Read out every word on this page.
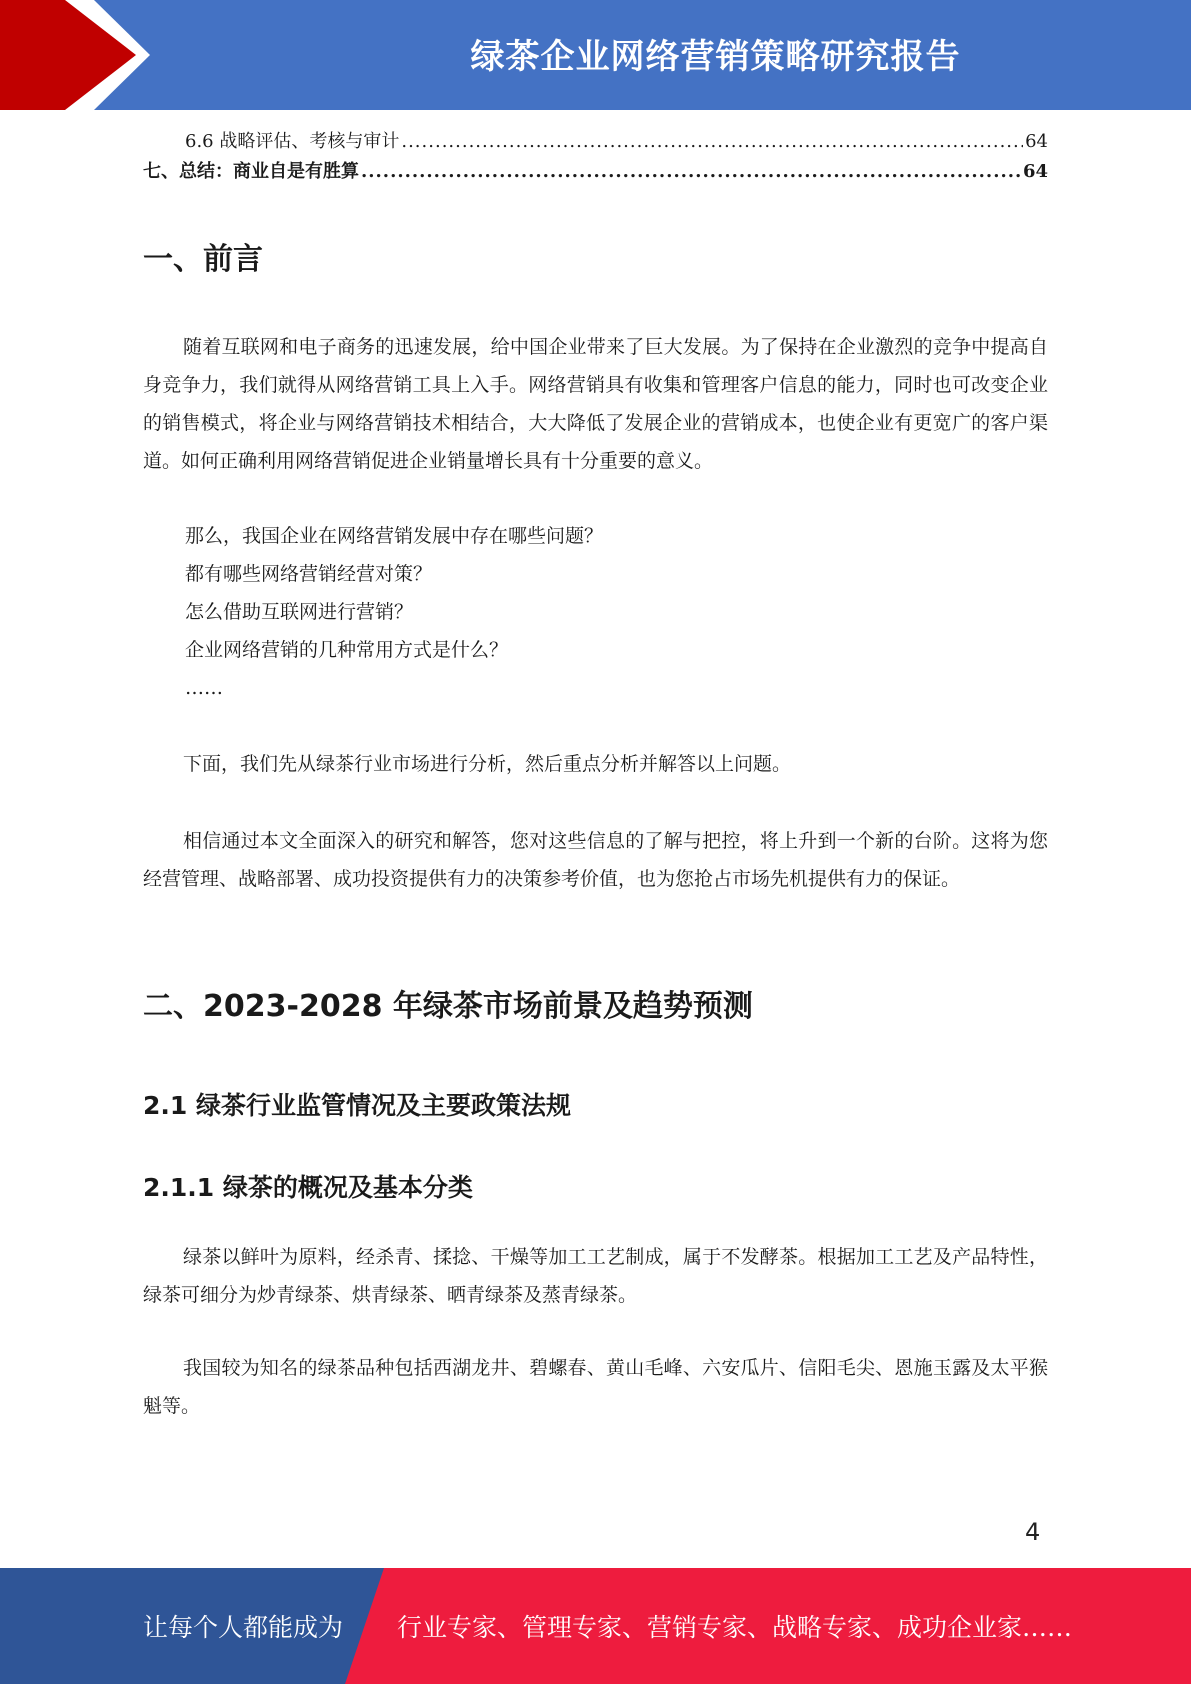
绿茶企业网络营销策略研究报告
6.6 战略评估、考核与审计 .....	64
七、总结：商业自是有胜算 .....	64
一、前言

随着互联网和电子商务的迅速发展，给中国企业带来了巨大发展。为了保持在企业激烈的竞争中提高自身竞争力，我们就得从网络营销工具上入手。网络营销具有收集和管理客户信息的能力，同时也可改变企业的销售模式，将企业与网络营销技术相结合，大大降低了发展企业的营销成本，也使企业有更宽广的客户渠道。如何正确利用网络营销促进企业销量增长具有十分重要的意义。

那么，我国企业在网络营销发展中存在哪些问题？
都有哪些网络营销经营对策？
怎么借助互联网进行营销？
企业网络营销的几种常用方式是什么？
……

下面，我们先从绿茶行业市场进行分析，然后重点分析并解答以上问题。

相信通过本文全面深入的研究和解答，您对这些信息的了解与把控，将上升到一个新的台阶。这将为您经营管理、战略部署、成功投资提供有力的决策参考价值，也为您抢占市场先机提供有力的保证。

二、2023-2028 年绿茶市场前景及趋势预测
2.1 绿茶行业监管情况及主要政策法规
2.1.1 绿茶的概况及基本分类

绿茶以鲜叶为原料，经杀青、揉捻、干燥等加工工艺制成，属于不发酵茶。根据加工工艺及产品特性，绿茶可细分为炒青绿茶、烘青绿茶、晒青绿茶及蒸青绿茶。

我国较为知名的绿茶品种包括西湖龙井、碧螺春、黄山毛峰、六安瓜片、信阳毛尖、恩施玉露及太平猴魁等。

4
让每个人都能成为 行业专家、管理专家、营销专家、战略专家、成功企业家……
